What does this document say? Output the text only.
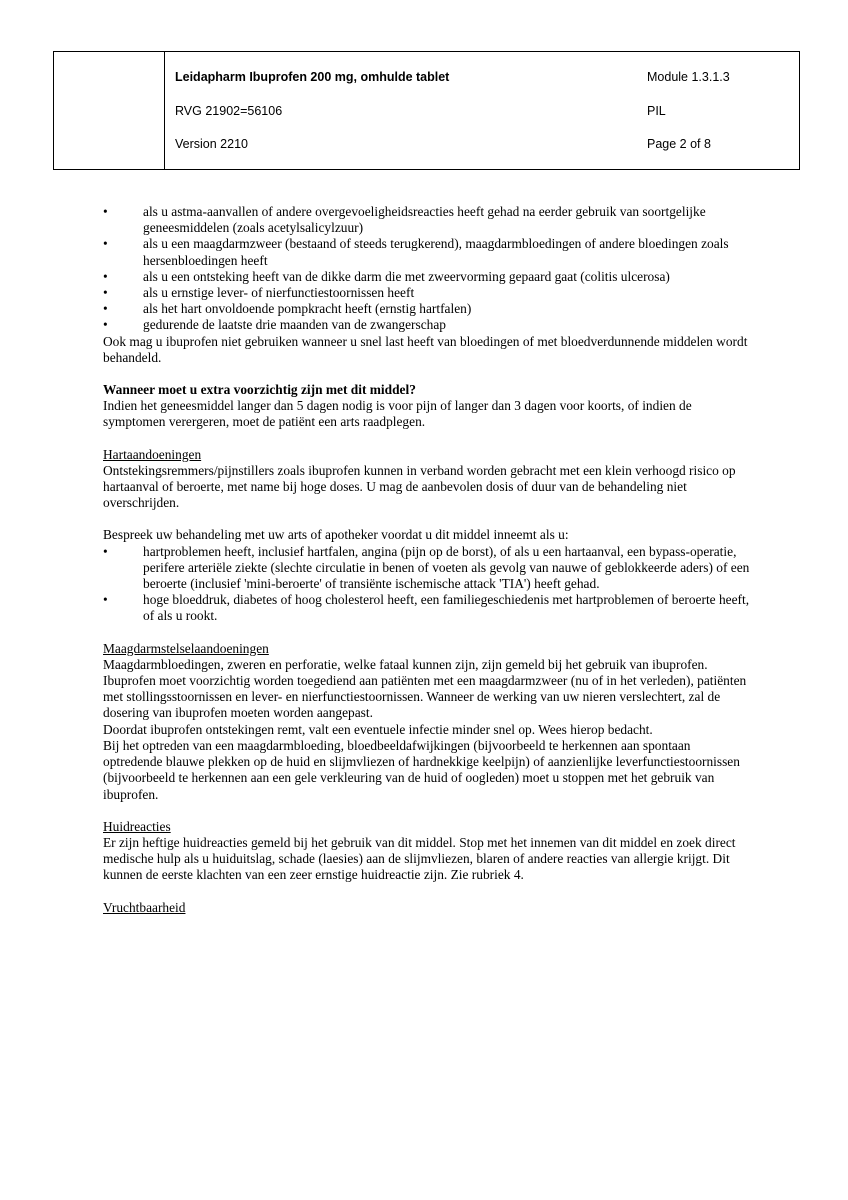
Leidapharm Ibuprofen 200 mg, omhulde tablet
RVG 21902=56106
Version 2210
Module 1.3.1.3
PIL
Page 2 of 8
•	als u astma-aanvallen of andere overgevoeligheidsreacties heeft gehad na eerder gebruik van soortgelijke geneesmiddelen (zoals acetylsalicylzuur)
•	als u een maagdarmzweer (bestaand of steeds terugkerend), maagdarmbloedingen of andere bloedingen zoals hersenbloedingen heeft
•	als u een ontsteking heeft van de dikke darm die met zweervorming gepaard gaat (colitis ulcerosa)
•	als u ernstige lever- of nierfunctiestoornissen heeft
•	als het hart onvoldoende pompkracht heeft (ernstig hartfalen)
•	gedurende de laatste drie maanden van de zwangerschap

Ook mag u ibuprofen niet gebruiken wanneer u snel last heeft van bloedingen of met bloedverdunnende middelen wordt behandeld.

Wanneer moet u extra voorzichtig zijn met dit middel?

Indien het geneesmiddel langer dan 5 dagen nodig is voor pijn of langer dan 3 dagen voor koorts, of indien de symptomen verergeren, moet de patiënt een arts raadplegen.

Hartaandoeningen

Ontstekingsremmers/pijnstillers zoals ibuprofen kunnen in verband worden gebracht met een klein verhoogd risico op hartaanval of beroerte, met name bij hoge doses. U mag de aanbevolen dosis of duur van de behandeling niet overschrijden.

Bespreek uw behandeling met uw arts of apotheker voordat u dit middel inneemt als u:

•	hartproblemen heeft, inclusief hartfalen, angina (pijn op de borst), of als u een hartaanval, een bypass-operatie, perifere arteriële ziekte (slechte circulatie in benen of voeten als gevolg van nauwe of geblokkeerde aders) of een beroerte (inclusief 'mini-beroerte' of transiënte ischemische attack 'TIA') heeft gehad.
•	hoge bloeddruk, diabetes of hoog cholesterol heeft, een familiegeschiedenis met hartproblemen of beroerte heeft, of als u rookt.

Maagdarmstelselaandoeningen

Maagdarmbloedingen, zweren en perforatie, welke fataal kunnen zijn, zijn gemeld bij het gebruik van ibuprofen.

Ibuprofen moet voorzichtig worden toegediend aan patiënten met een maagdarmzweer (nu of in het verleden), patiënten met stollingsstoornissen en lever- en nierfunctiestoornissen. Wanneer de werking van uw nieren verslechtert, zal de dosering van ibuprofen moeten worden aangepast.

Doordat ibuprofen ontstekingen remt, valt een eventuele infectie minder snel op. Wees hierop bedacht.

Bij het optreden van een maagdarmbloeding, bloedbeeldafwijkingen (bijvoorbeeld te herkennen aan spontaan optredende blauwe plekken op de huid en slijmvliezen of hardnekkige keelpijn) of aanzienlijke leverfunctiestoornissen (bijvoorbeeld te herkennen aan een gele verkleuring van de huid of oogleden) moet u stoppen met het gebruik van ibuprofen.

Huidreacties

Er zijn heftige huidreacties gemeld bij het gebruik van dit middel. Stop met het innemen van dit middel en zoek direct medische hulp als u huiduitslag, schade (laesies) aan de slijmvliezen, blaren of andere reacties van allergie krijgt. Dit kunnen de eerste klachten van een zeer ernstige huidreactie zijn. Zie rubriek 4.

Vruchtbaarheid
